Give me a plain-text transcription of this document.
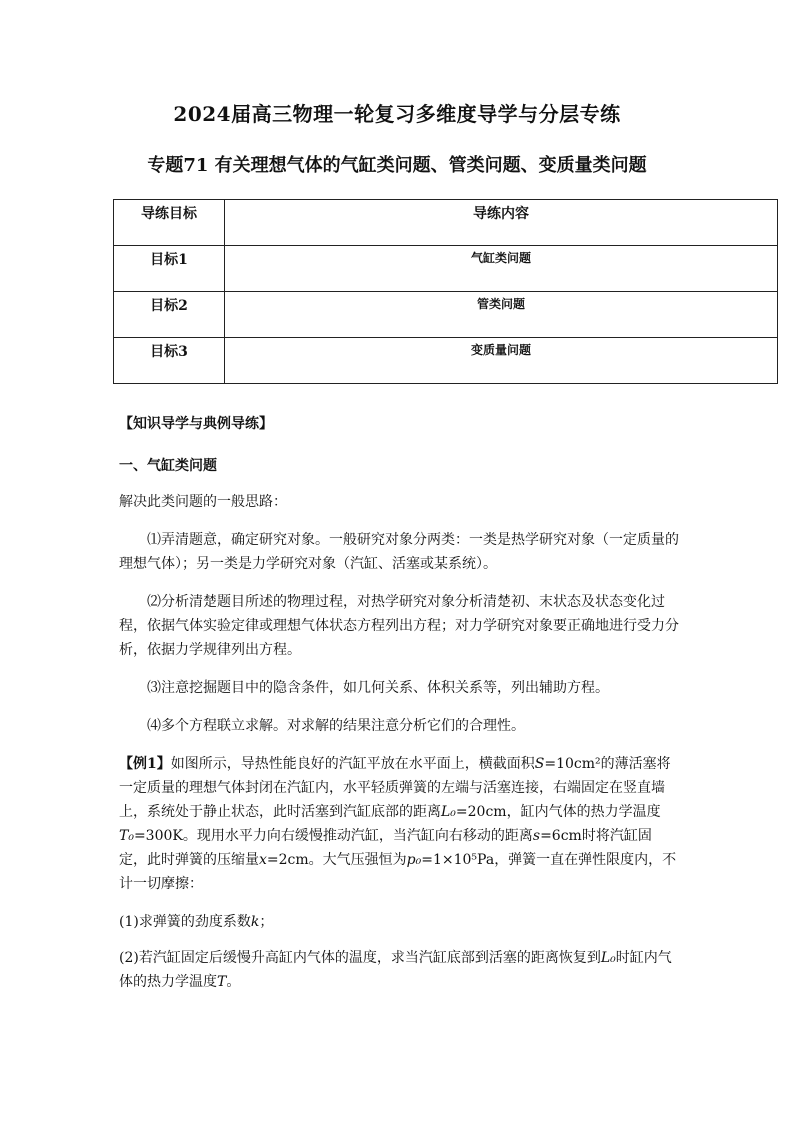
2024届高三物理一轮复习多维度导学与分层专练
专题71 有关理想气体的气缸类问题、管类问题、变质量类问题
导练目标	导练内容
目标1	气缸类问题
目标2	管类问题
目标3	变质量问题

【知识导学与典例导练】

一、气缸类问题

解决此类问题的一般思路：

⑴弄清题意，确定研究对象。一般研究对象分两类：一类是热学研究对象（一定质量的理想气体）；另一类是力学研究对象（汽缸、活塞或某系统）。

⑵分析清楚题目所述的物理过程，对热学研究对象分析清楚初、末状态及状态变化过程，依据气体实验定律或理想气体状态方程列出方程；对力学研究对象要正确地进行受力分析，依据力学规律列出方程。

⑶注意挖掘题目中的隐含条件，如几何关系、体积关系等，列出辅助方程。

⑷多个方程联立求解。对求解的结果注意分析它们的合理性。

【例1】如图所示，导热性能良好的汽缸平放在水平面上，横截面积S=10cm²的薄活塞将一定质量的理想气体封闭在汽缸内，水平轻质弹簧的左端与活塞连接，右端固定在竖直墙上，系统处于静止状态，此时活塞到汽缸底部的距离L₀=20cm，缸内气体的热力学温度T₀=300K。现用水平力向右缓慢推动汽缸，当汽缸向右移动的距离s=6cm时将汽缸固定，此时弹簧的压缩量x=2cm。大气压强恒为p₀=1×10⁵Pa，弹簧一直在弹性限度内，不计一切摩擦：

(1)求弹簧的劲度系数k；

(2)若汽缸固定后缓慢升高缸内气体的温度，求当汽缸底部到活塞的距离恢复到L₀时缸内气体的热力学温度T。
